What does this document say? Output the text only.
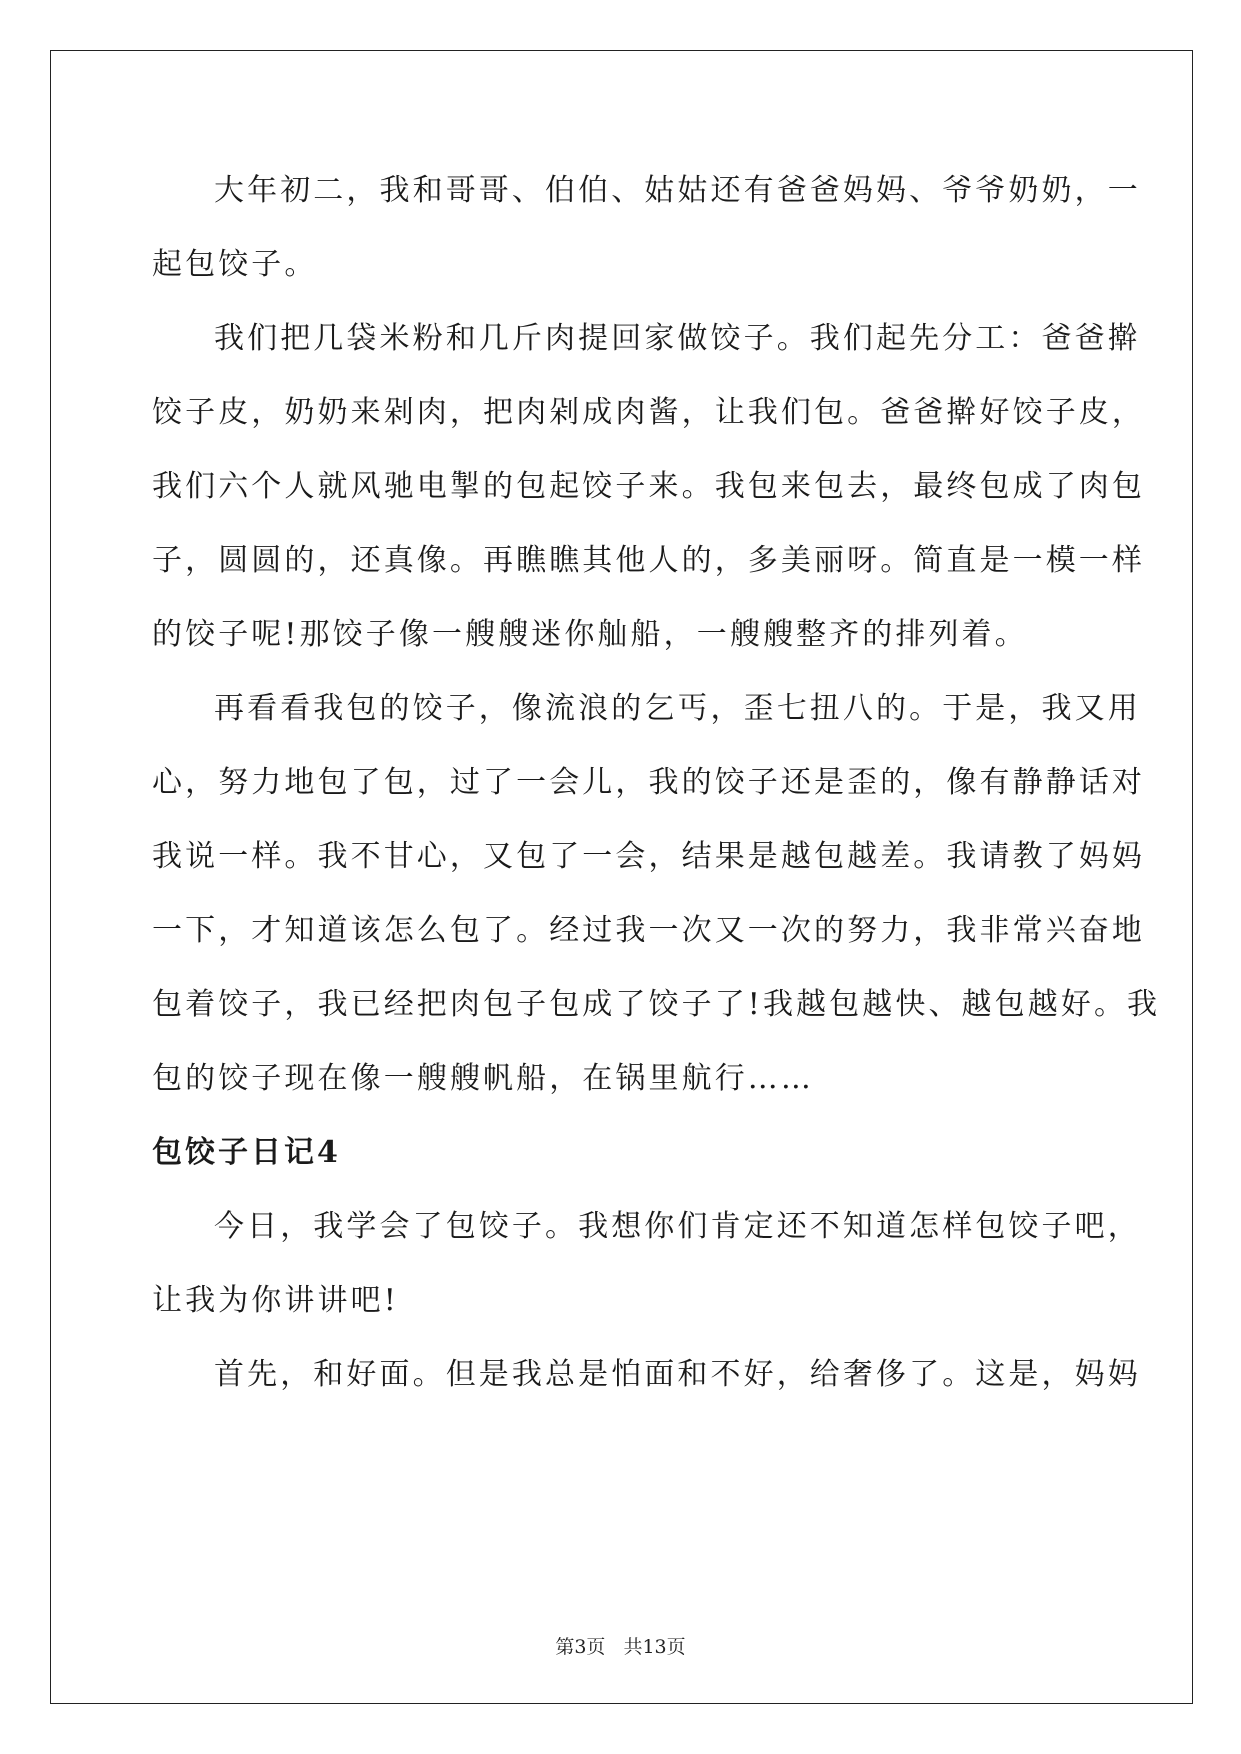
大年初二，我和哥哥、伯伯、姑姑还有爸爸妈妈、爷爷奶奶，一

起包饺子。

我们把几袋米粉和几斤肉提回家做饺子。我们起先分工：爸爸擀

饺子皮，奶奶来剁肉，把肉剁成肉酱，让我们包。爸爸擀好饺子皮，

我们六个人就风驰电掣的包起饺子来。我包来包去，最终包成了肉包

子，圆圆的，还真像。再瞧瞧其他人的，多美丽呀。简直是一模一样

的饺子呢!那饺子像一艘艘迷你舢船，一艘艘整齐的排列着。

再看看我包的饺子，像流浪的乞丐，歪七扭八的。于是，我又用

心，努力地包了包，过了一会儿，我的饺子还是歪的，像有静静话对

我说一样。我不甘心，又包了一会，结果是越包越差。我请教了妈妈

一下，才知道该怎么包了。经过我一次又一次的努力，我非常兴奋地

包着饺子，我已经把肉包子包成了饺子了!我越包越快、越包越好。我

包的饺子现在像一艘艘帆船，在锅里航行……

包饺子日记4

今日，我学会了包饺子。我想你们肯定还不知道怎样包饺子吧，

让我为你讲讲吧!

首先，和好面。但是我总是怕面和不好，给奢侈了。这是，妈妈

第3页 共13页
